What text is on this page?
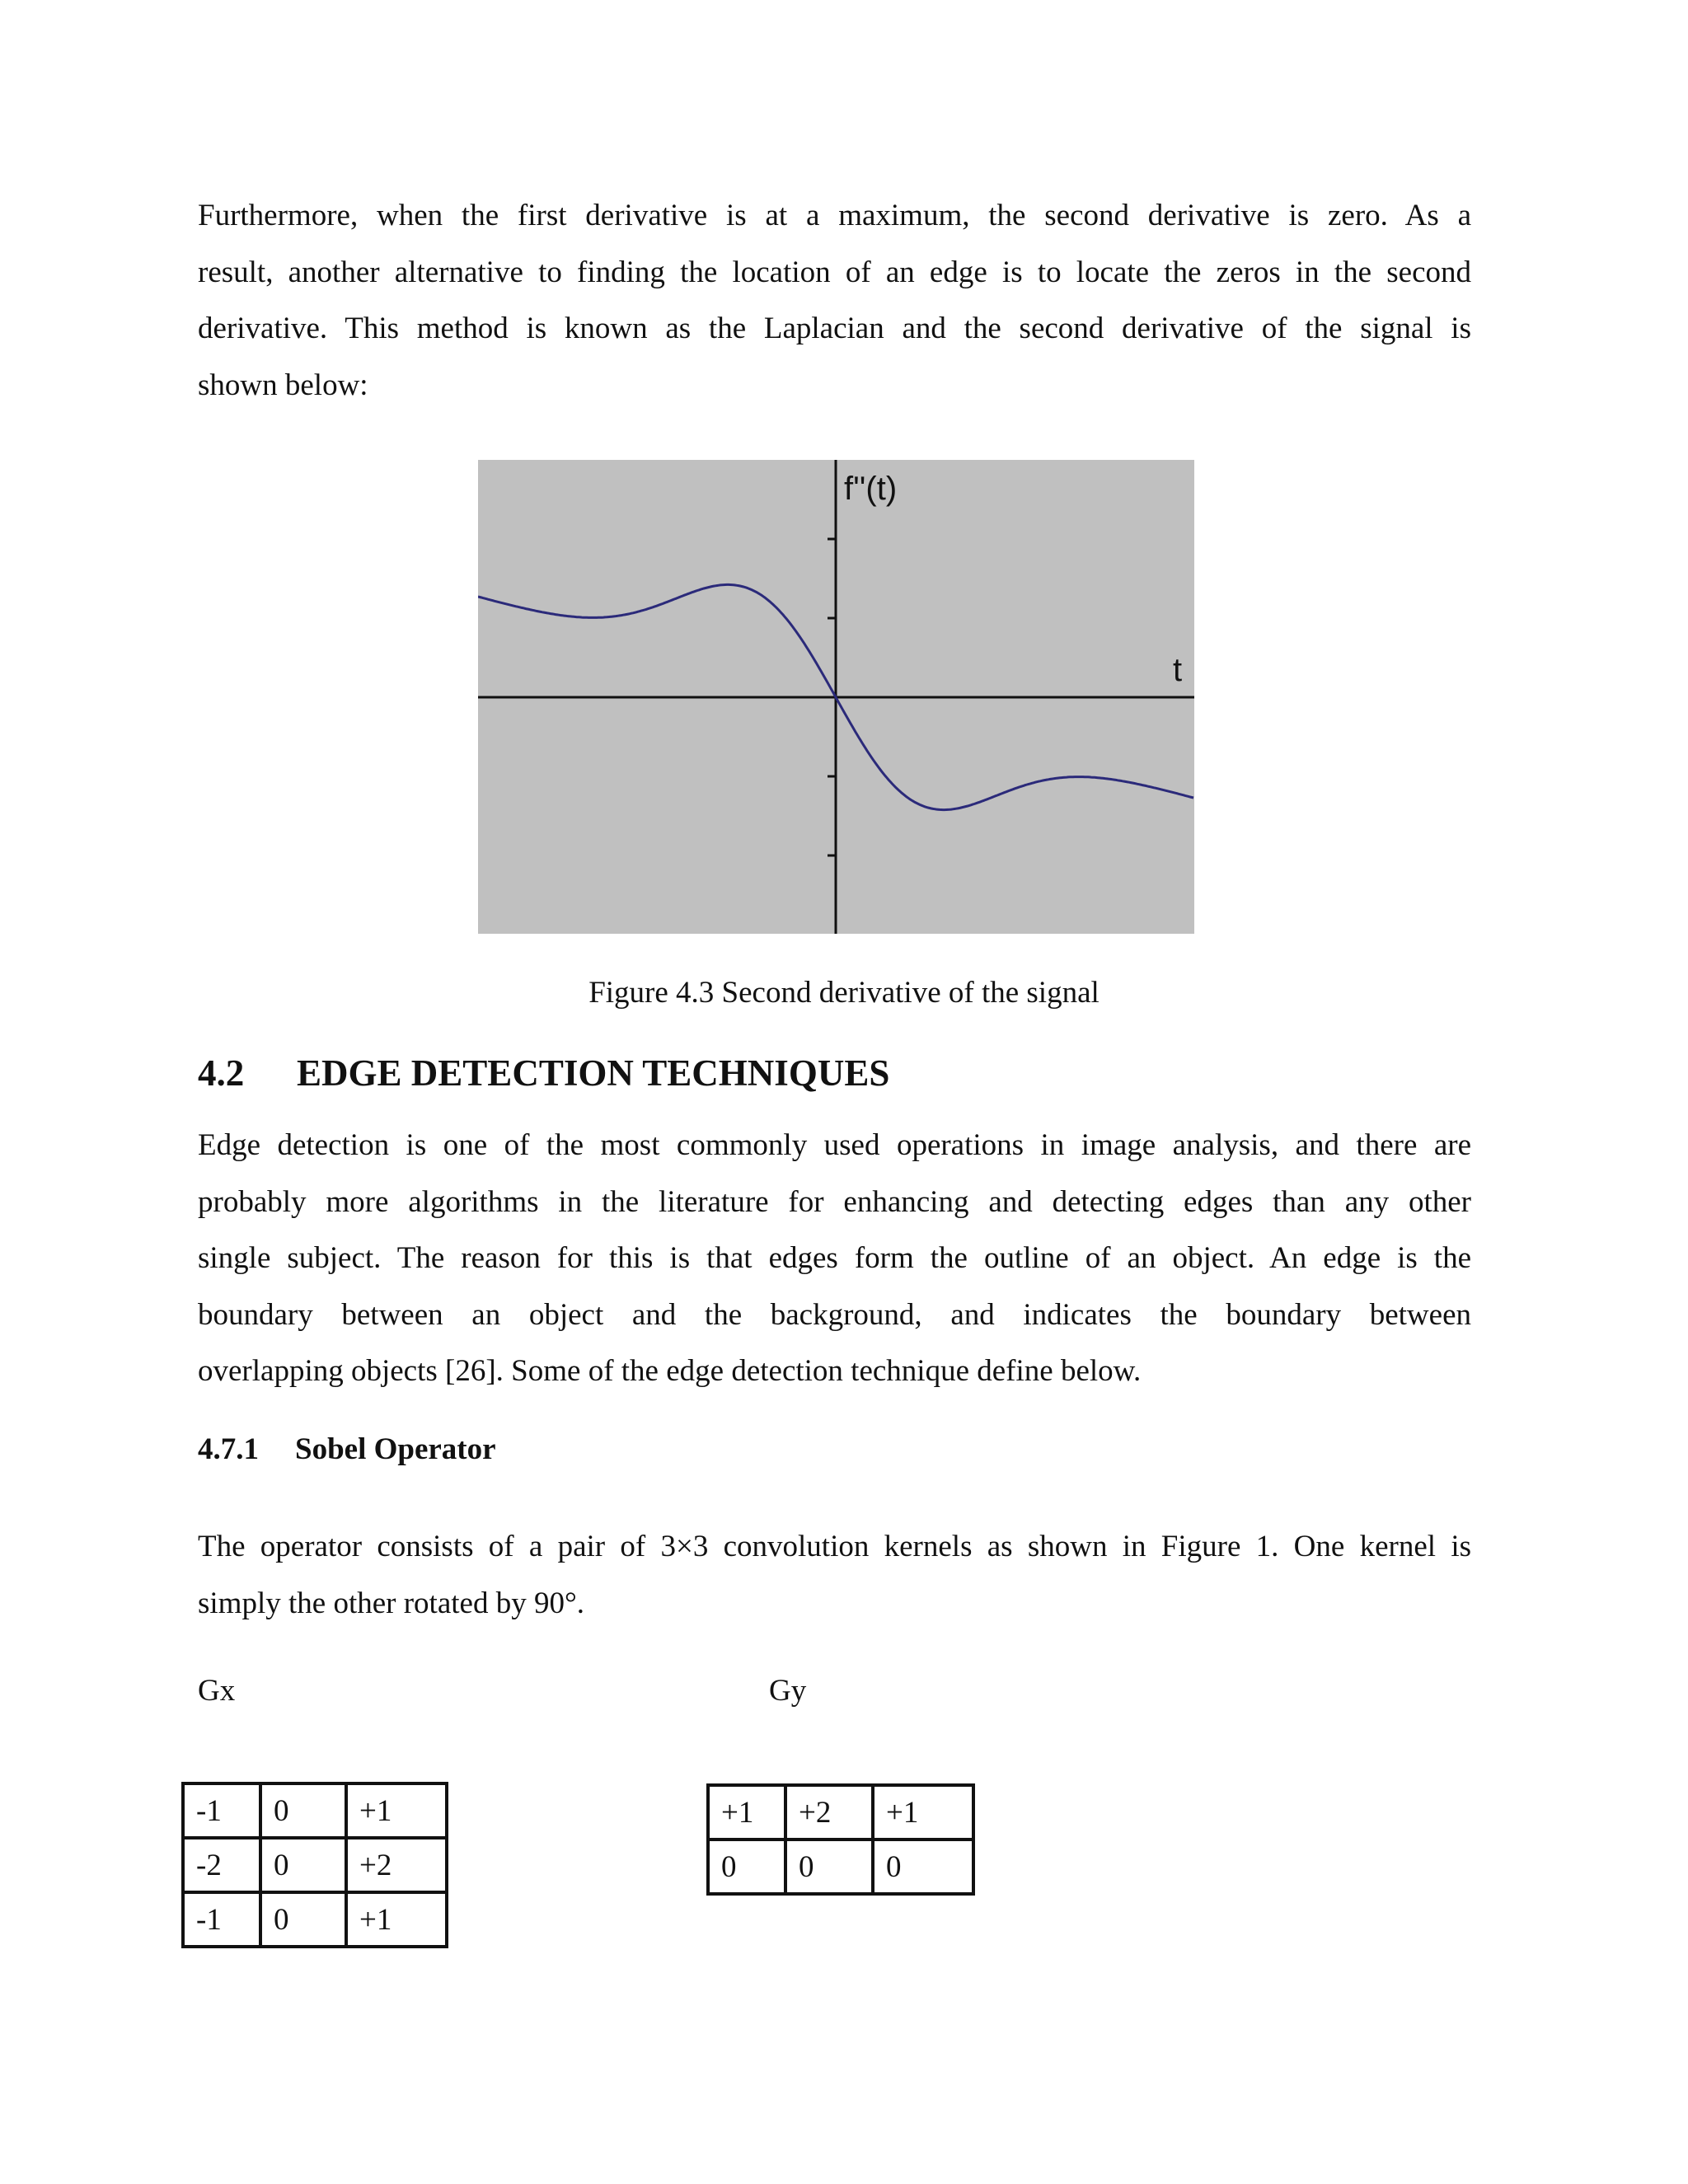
Furthermore, when the first derivative is at a maximum, the second derivative is zero. As a
result, another alternative to finding the location of an edge is to locate the zeros in the second
derivative. This method is known as the Laplacian and the second derivative of the signal is
shown below:
f''(t)
t
Figure 4.3 Second derivative of the signal
4.2 EDGE DETECTION TECHNIQUES
Edge detection is one of the most commonly used operations in image analysis, and there are
probably more algorithms in the literature for enhancing and detecting edges than any other
single subject. The reason for this is that edges form the outline of an object. An edge is the
boundary between an object and the background, and indicates the boundary between
overlapping objects [26]. Some of the edge detection technique define below.
4.7.1 Sobel Operator
The operator consists of a pair of 3×3 convolution kernels as shown in Figure 1. One kernel is
simply the other rotated by 90°.
Gx	Gy
-1	0	+1
-2	0	+2
-1	0	+1
+1	+2	+1
0	0	0
